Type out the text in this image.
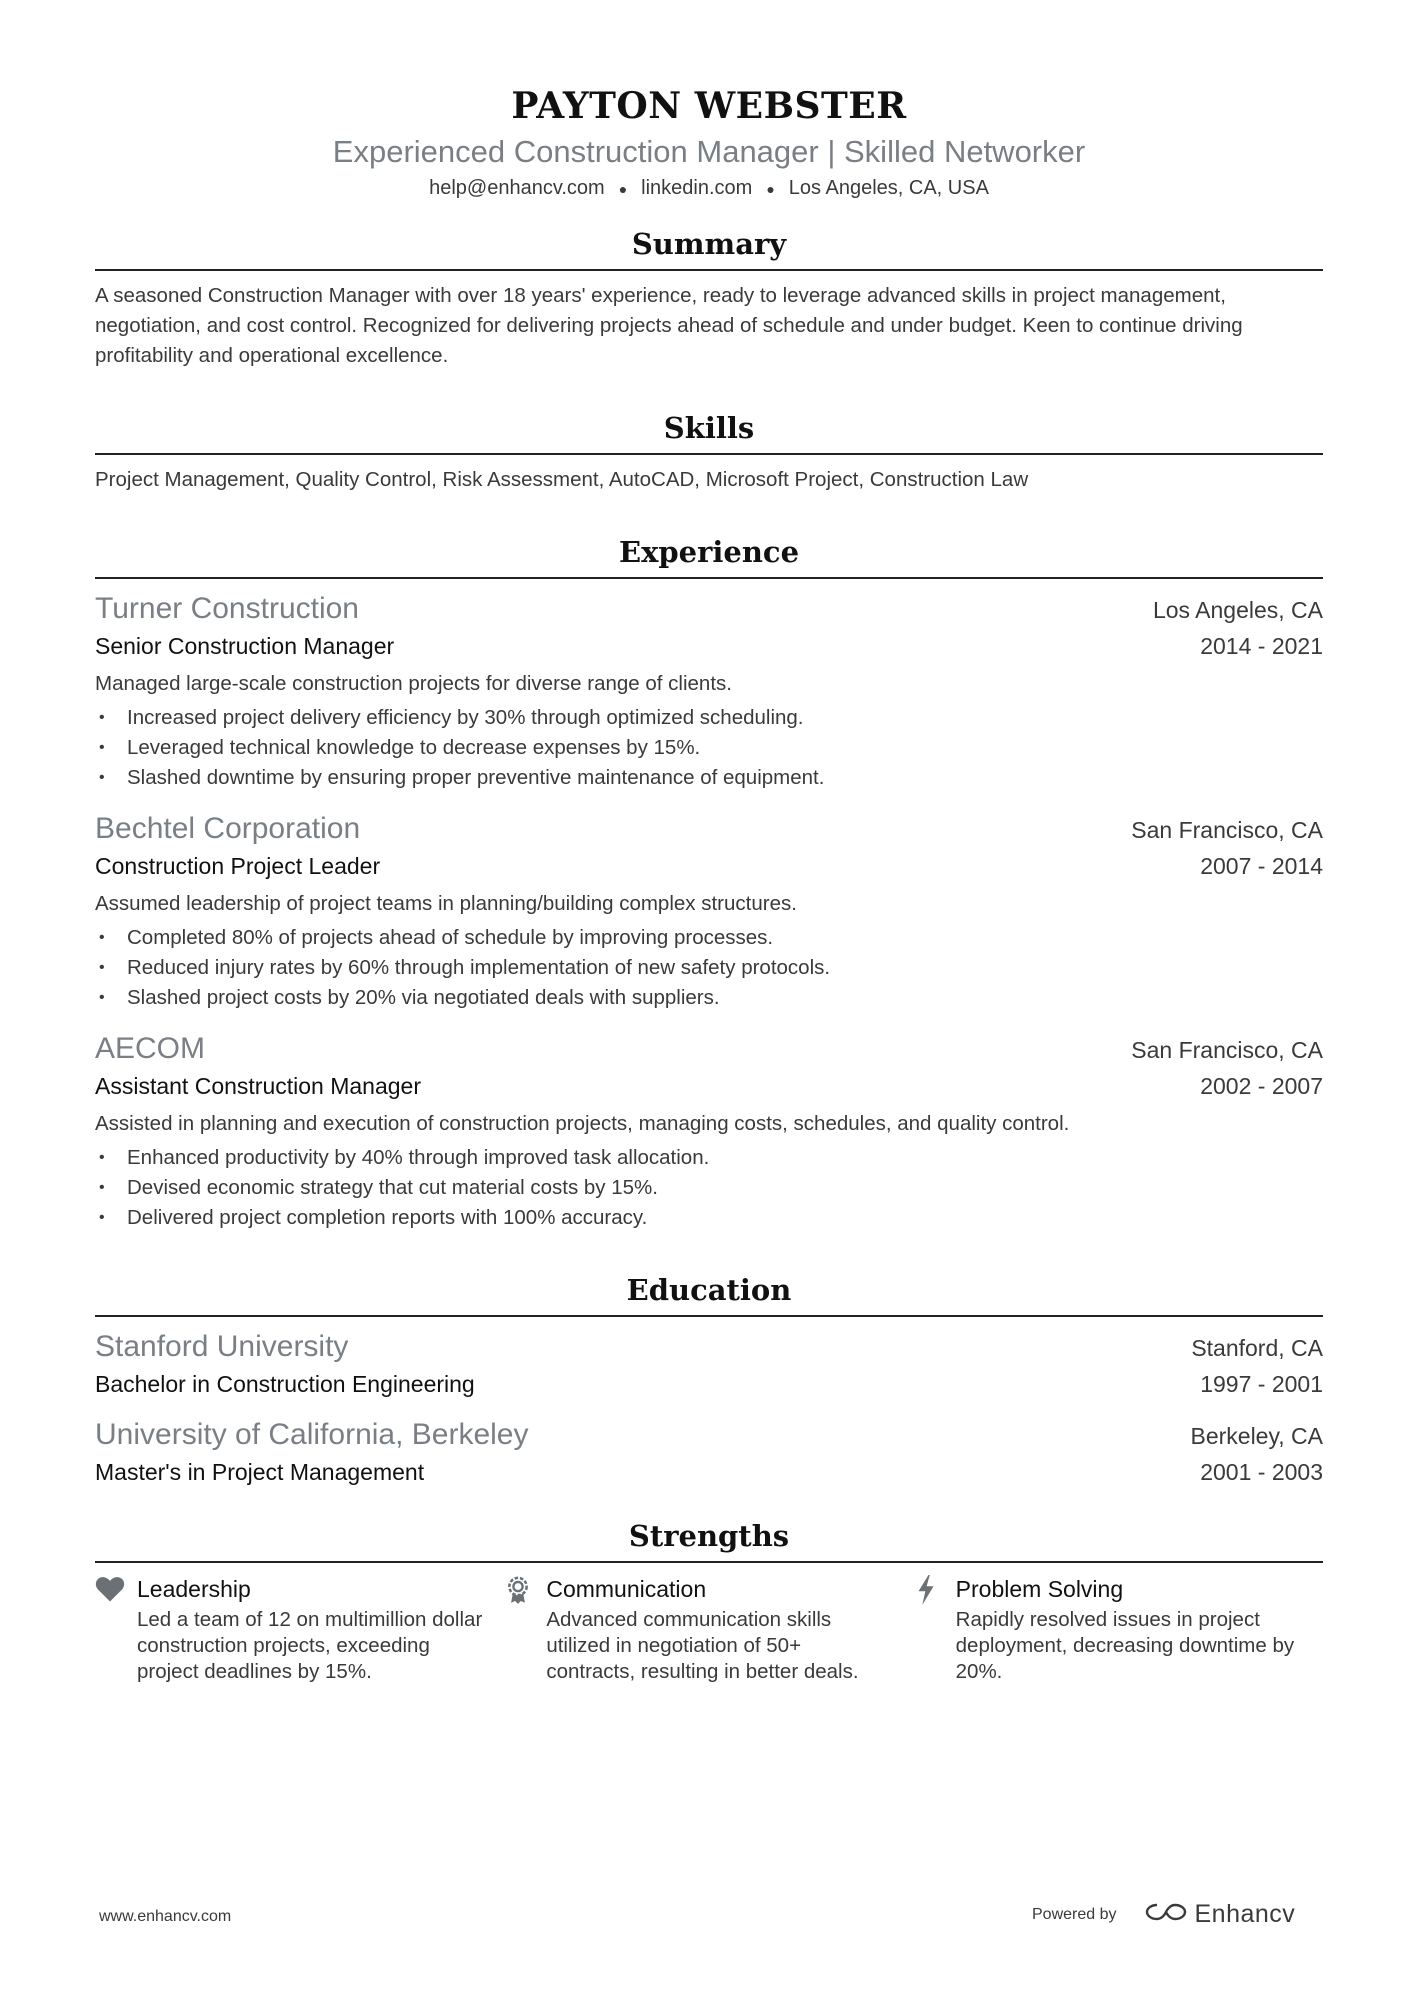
PAYTON WEBSTER
Experienced Construction Manager | Skilled Networker
help@enhancv.com ● linkedin.com ● Los Angeles, CA, USA
Summary
A seasoned Construction Manager with over 18 years' experience, ready to leverage advanced skills in project management, negotiation, and cost control. Recognized for delivering projects ahead of schedule and under budget. Keen to continue driving profitability and operational excellence.
Skills
Project Management, Quality Control, Risk Assessment, AutoCAD, Microsoft Project, Construction Law
Experience
Turner Construction	Los Angeles, CA
Senior Construction Manager	2014 - 2021
Managed large-scale construction projects for diverse range of clients.
• Increased project delivery efficiency by 30% through optimized scheduling.
• Leveraged technical knowledge to decrease expenses by 15%.
• Slashed downtime by ensuring proper preventive maintenance of equipment.
Bechtel Corporation	San Francisco, CA
Construction Project Leader	2007 - 2014
Assumed leadership of project teams in planning/building complex structures.
• Completed 80% of projects ahead of schedule by improving processes.
• Reduced injury rates by 60% through implementation of new safety protocols.
• Slashed project costs by 20% via negotiated deals with suppliers.
AECOM	San Francisco, CA
Assistant Construction Manager	2002 - 2007
Assisted in planning and execution of construction projects, managing costs, schedules, and quality control.
• Enhanced productivity by 40% through improved task allocation.
• Devised economic strategy that cut material costs by 15%.
• Delivered project completion reports with 100% accuracy.
Education
Stanford University	Stanford, CA
Bachelor in Construction Engineering	1997 - 2001
University of California, Berkeley	Berkeley, CA
Master's in Project Management	2001 - 2003
Strengths
Leadership
Led a team of 12 on multimillion dollar construction projects, exceeding project deadlines by 15%.
Communication
Advanced communication skills utilized in negotiation of 50+ contracts, resulting in better deals.
Problem Solving
Rapidly resolved issues in project deployment, decreasing downtime by 20%.
www.enhancv.com	Powered by	Enhancv
